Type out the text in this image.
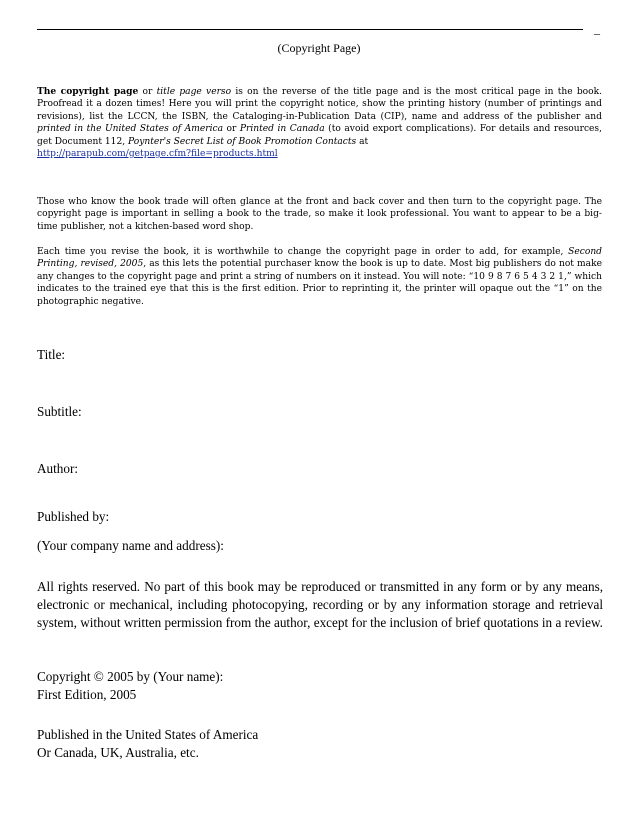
_
(Copyright Page)

The copyright page or title page verso is on the reverse of the title page and is the most critical page in the book. Proofread it a dozen times! Here you will print the copyright notice, show the printing history (number of printings and revisions), list the LCCN, the ISBN, the Cataloging-in-Publication Data (CIP), name and address of the publisher and printed in the United States of America or Printed in Canada (to avoid export complications). For details and resources, get Document 112, Poynter's Secret List of Book Promotion Contacts at
http://parapub.com/getpage.cfm?file=products.html

Those who know the book trade will often glance at the front and back cover and then turn to the copyright page. The copyright page is important in selling a book to the trade, so make it look professional. You want to appear to be a big-time publisher, not a kitchen-based word shop.

Each time you revise the book, it is worthwhile to change the copyright page in order to add, for example, Second Printing, revised, 2005, as this lets the potential purchaser know the book is up to date. Most big publishers do not make any changes to the copyright page and print a string of numbers on it instead. You will note: “10 9 8 7 6 5 4 3 2 1,” which indicates to the trained eye that this is the first edition. Prior to reprinting it, the printer will opaque out the “1” on the photographic negative.

Title:
Subtitle:
Author:
Published by:
(Your company name and address):

All rights reserved. No part of this book may be reproduced or transmitted in any form or by any means, electronic or mechanical, including photocopying, recording or by any information storage and retrieval system, without written permission from the author, except for the inclusion of brief quotations in a review.

Copyright © 2005 by (Your name):
First Edition, 2005
Published in the United States of America
Or Canada, UK, Australia, etc.
